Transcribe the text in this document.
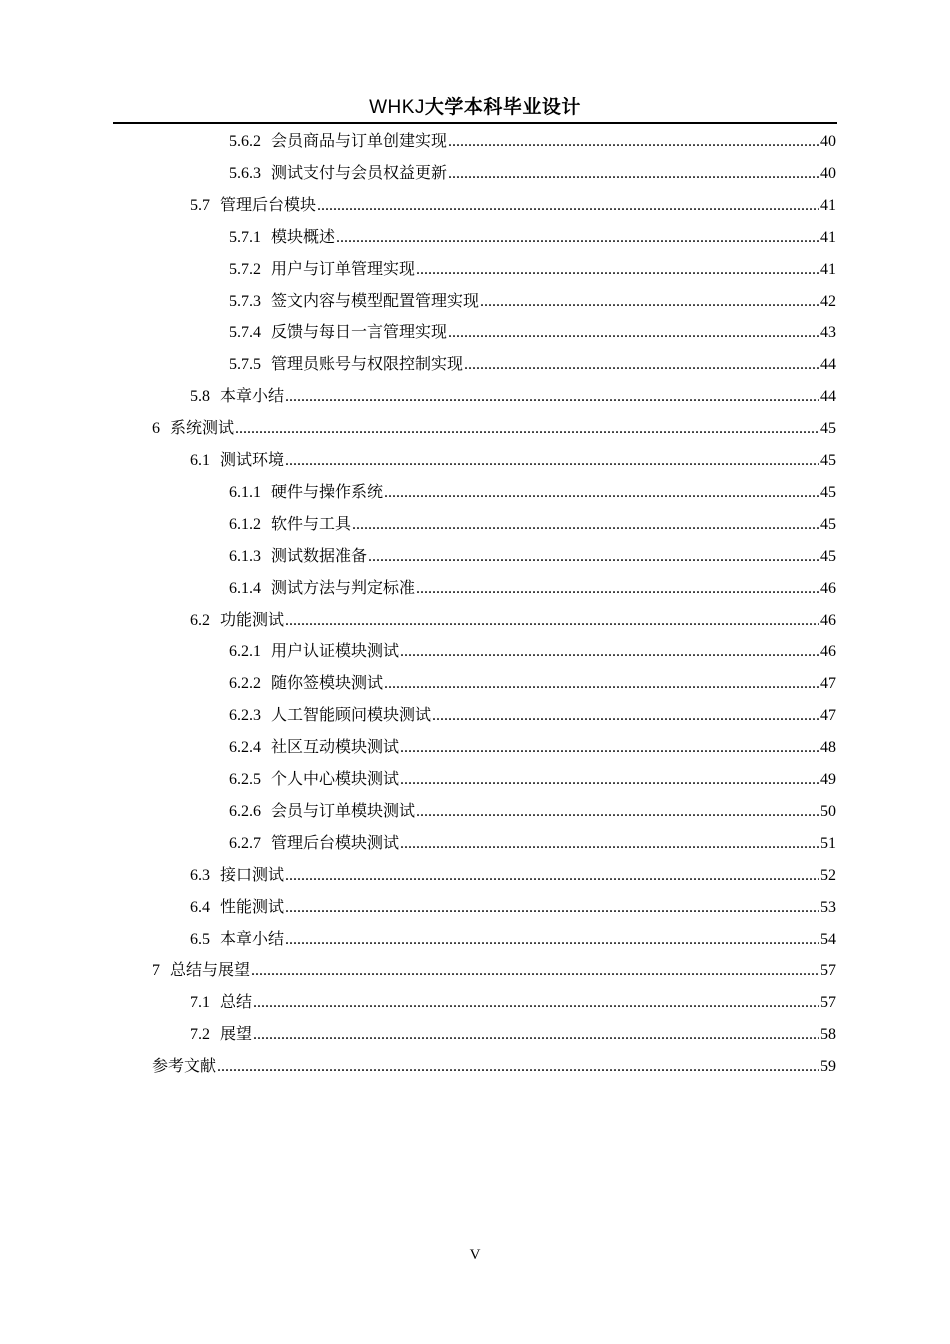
WHKJ大学本科毕业设计
5.6.2 会员商品与订单创建实现 .....	40
5.6.3 测试支付与会员权益更新 .....	40
5.7 管理后台模块 .....	41
5.7.1 模块概述 .....	41
5.7.2 用户与订单管理实现 .....	41
5.7.3 签文内容与模型配置管理实现 .....	42
5.7.4 反馈与每日一言管理实现 .....	43
5.7.5 管理员账号与权限控制实现 .....	44
5.8 本章小结 .....	44
6 系统测试 .....	45
6.1 测试环境 .....	45
6.1.1 硬件与操作系统 .....	45
6.1.2 软件与工具 .....	45
6.1.3 测试数据准备 .....	45
6.1.4 测试方法与判定标准 .....	46
6.2 功能测试 .....	46
6.2.1 用户认证模块测试 .....	46
6.2.2 随你签模块测试 .....	47
6.2.3 人工智能顾问模块测试 .....	47
6.2.4 社区互动模块测试 .....	48
6.2.5 个人中心模块测试 .....	49
6.2.6 会员与订单模块测试 .....	50
6.2.7 管理后台模块测试 .....	51
6.3 接口测试 .....	52
6.4 性能测试 .....	53
6.5 本章小结 .....	54
7 总结与展望 .....	57
7.1 总结 .....	57
7.2 展望 .....	58
参考文献 .....	59
V
